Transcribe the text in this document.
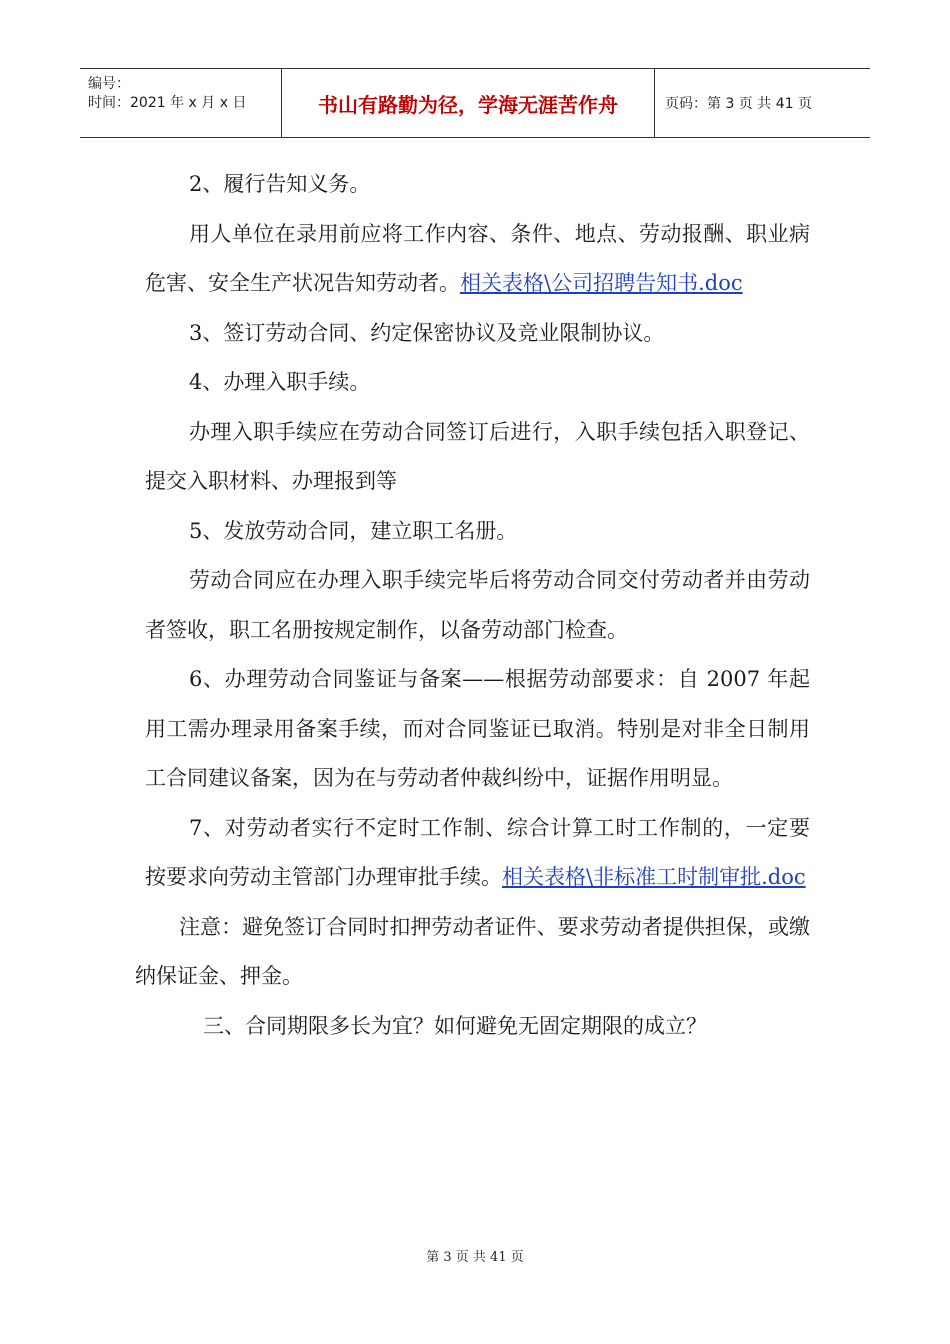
编号：
时间：2021 年 x 月 x 日	书山有路勤为径，学海无涯苦作舟	页码：第 3 页 共 41 页

2、履行告知义务。

用人单位在录用前应将工作内容、条件、地点、劳动报酬、职业病危害、安全生产状况告知劳动者。相关表格\公司招聘告知书.doc

3、签订劳动合同、约定保密协议及竞业限制协议。

4、办理入职手续。

办理入职手续应在劳动合同签订后进行，入职手续包括入职登记、提交入职材料、办理报到等

5、发放劳动合同，建立职工名册。

劳动合同应在办理入职手续完毕后将劳动合同交付劳动者并由劳动者签收，职工名册按规定制作，以备劳动部门检查。

6、办理劳动合同鉴证与备案——根据劳动部要求：自 2007 年起用工需办理录用备案手续，而对合同鉴证已取消。特别是对非全日制用工合同建议备案，因为在与劳动者仲裁纠纷中，证据作用明显。

7、对劳动者实行不定时工作制、综合计算工时工作制的，一定要按要求向劳动主管部门办理审批手续。相关表格\非标准工时制审批.doc

注意：避免签订合同时扣押劳动者证件、要求劳动者提供担保，或缴纳保证金、押金。

三、合同期限多长为宜？如何避免无固定期限的成立？

第 3 页 共 41 页
